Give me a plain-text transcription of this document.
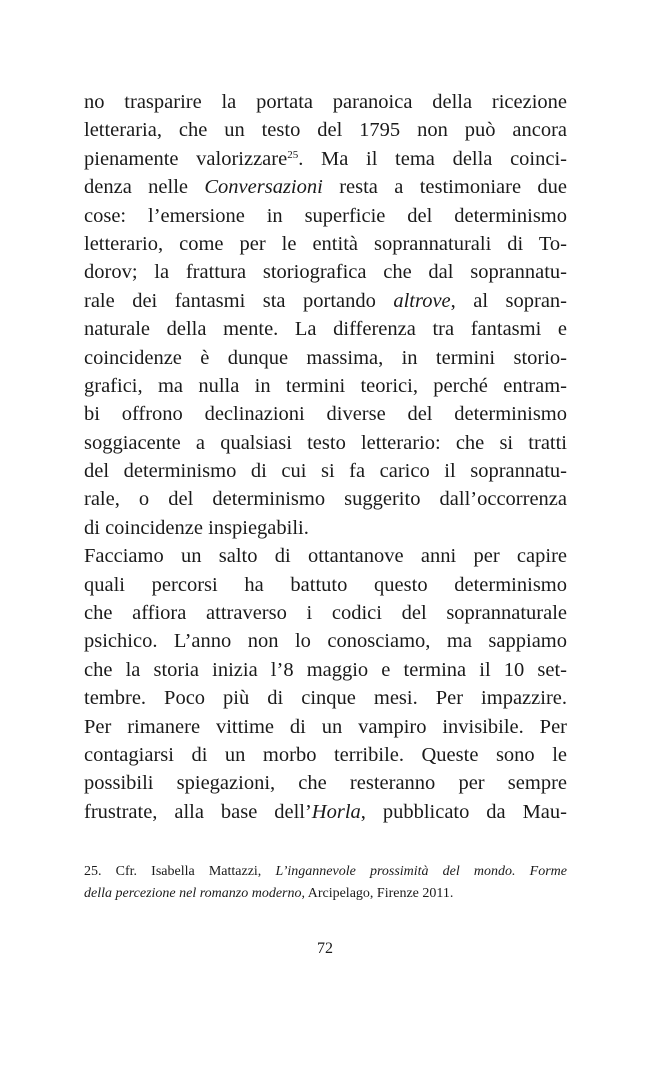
no trasparire la portata paranoica della ricezione
letteraria, che un testo del 1795 non può ancora
pienamente valorizzare$^{25}$. Ma il tema della coinci-
denza nelle Conversazioni resta a testimoniare due
cose: l’emersione in superficie del determinismo
letterario, come per le entità soprannaturali di To-
dorov; la frattura storiografica che dal soprannatu-
rale dei fantasmi sta portando altrove, al sopran-
naturale della mente. La differenza tra fantasmi e
coincidenze è dunque massima, in termini storio-
grafici, ma nulla in termini teorici, perché entram-
bi offrono declinazioni diverse del determinismo
soggiacente a qualsiasi testo letterario: che si tratti
del determinismo di cui si fa carico il soprannatu-
rale, o del determinismo suggerito dall’occorrenza
di coincidenze inspiegabili.
Facciamo un salto di ottantanove anni per capire
quali percorsi ha battuto questo determinismo
che affiora attraverso i codici del soprannaturale
psichico. L’anno non lo conosciamo, ma sappiamo
che la storia inizia l’8 maggio e termina il 10 set-
tembre. Poco più di cinque mesi. Per impazzire.
Per rimanere vittime di un vampiro invisibile. Per
contagiarsi di un morbo terribile. Queste sono le
possibili spiegazioni, che resteranno per sempre
frustrate, alla base dell’Horla, pubblicato da Mau-
25. Cfr. Isabella Mattazzi, L’ingannevole prossimità del mondo. Forme
della percezione nel romanzo moderno, Arcipelago, Firenze 2011.
72
